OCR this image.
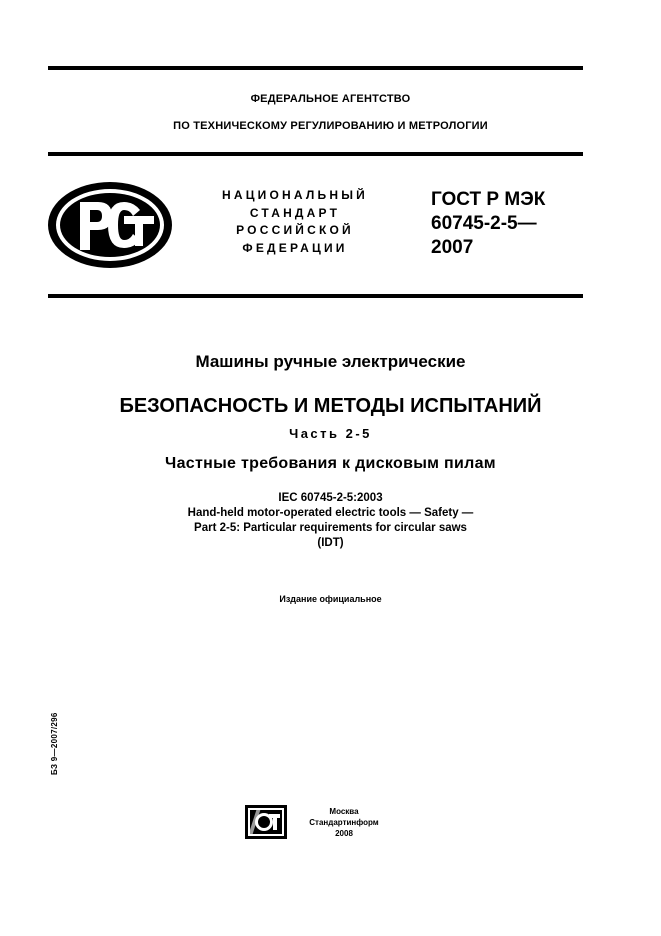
ФЕДЕРАЛЬНОЕ АГЕНТСТВО
ПО ТЕХНИЧЕСКОМУ РЕГУЛИРОВАНИЮ И МЕТРОЛОГИИ
НАЦИОНАЛЬНЫЙ
СТАНДАРТ
РОССИЙСКОЙ
ФЕДЕРАЦИИ
ГОСТ Р МЭК
60745-2-5—
2007
Машины ручные электрические
БЕЗОПАСНОСТЬ И МЕТОДЫ ИСПЫТАНИЙ
Часть 2-5
Частные требования к дисковым пилам
IEC 60745-2-5:2003
Hand-held motor-operated electric tools — Safety —
Part 2-5: Particular requirements for circular saws
(IDT)
Издание официальное
БЗ 9—2007/296
Москва
Стандартинформ
2008
